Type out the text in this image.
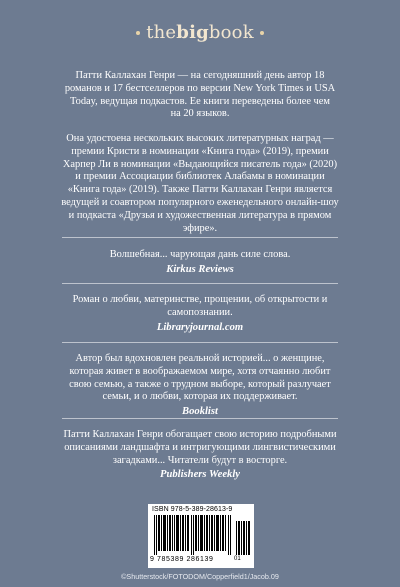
thebigbook
Патти Каллахан Генри — на сегодняшний день автор 18 романов и 17 бестселлеров по версии New York Times и USA Today, ведущая подкастов. Ее книги переведены более чем на 20 языков.
Она удостоена нескольких высоких литературных наград — премии Кристи в номинации «Книга года» (2019), премии Харпер Ли в номинации «Выдающийся писатель года» (2020) и премии Ассоциации библиотек Алабамы в номинации «Книга года» (2019). Также Патти Каллахан Генри является ведущей и соавтором популярного еженедельного онлайн-шоу и подкаста «Друзья и художественная литература в прямом эфире».
Волшебная... чарующая дань силе слова.
Kirkus Reviews
Роман о любви, материнстве, прощении, об открытости и самопознании.
Libraryjournal.com
Автор был вдохновлен реальной историей... о женщине, которая живет в воображаемом мире, хотя отчаянно любит свою семью, а также о трудном выборе, который разлучает семьи, и о любви, которая их поддерживает.
Booklist
Патти Каллахан Генри обогащает свою историю подробными описаниями ландшафта и интригующими лингвистическими загадками... Читатели будут в восторге.
Publishers Weekly
ISBN 978-5-389-28613-9
9 785389 286139	01
©Shutterstock/FOTODOM/Copperfield1/Jacob.09
